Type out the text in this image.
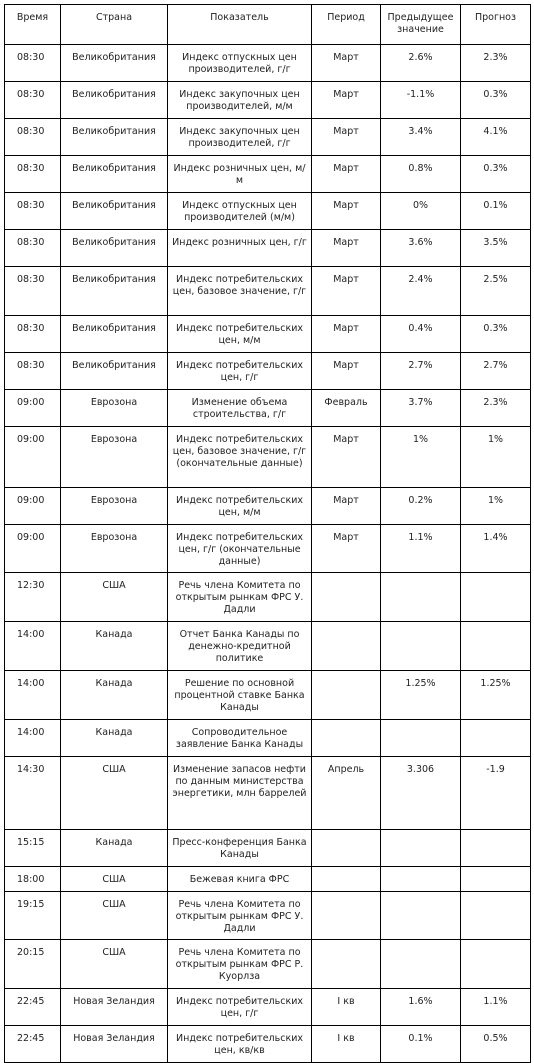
Время	Страна	Показатель	Период	Предыдущее значение	Прогноз
08:30	Великобритания	Индекс отпускных цен производителей, г/г	Март	2.6%	2.3%
08:30	Великобритания	Индекс закупочных цен производителей, м/м	Март	-1.1%	0.3%
08:30	Великобритания	Индекс закупочных цен производителей, г/г	Март	3.4%	4.1%
08:30	Великобритания	Индекс розничных цен, м/м	Март	0.8%	0.3%
08:30	Великобритания	Индекс отпускных цен производителей (м/м)	Март	0%	0.1%
08:30	Великобритания	Индекс розничных цен, г/г	Март	3.6%	3.5%
08:30	Великобритания	Индекс потребительских цен, базовое значение, г/г	Март	2.4%	2.5%
08:30	Великобритания	Индекс потребительских цен, м/м	Март	0.4%	0.3%
08:30	Великобритания	Индекс потребительских цен, г/г	Март	2.7%	2.7%
09:00	Еврозона	Изменение объема строительства, г/г	Февраль	3.7%	2.3%
09:00	Еврозона	Индекс потребительских цен, базовое значение, г/г (окончательные данные)	Март	1%	1%
09:00	Еврозона	Индекс потребительских цен, м/м	Март	0.2%	1%
09:00	Еврозона	Индекс потребительских цен, г/г (окончательные данные)	Март	1.1%	1.4%
12:30	США	Речь члена Комитета по открытым рынкам ФРС У. Дадли			
14:00	Канада	Отчет Банка Канады по денежно-кредитной политике			
14:00	Канада	Решение по основной процентной ставке Банка Канады		1.25%	1.25%
14:00	Канада	Сопроводительное заявление Банка Канады			
14:30	США	Изменение запасов нефти по данным министерства энергетики, млн баррелей	Апрель	3.306	-1.9
15:15	Канада	Пресс-конференция Банка Канады			
18:00	США	Бежевая книга ФРС			
19:15	США	Речь члена Комитета по открытым рынкам ФРС У. Дадли			
20:15	США	Речь члена Комитета по открытым рынкам ФРС Р. Куорлза			
22:45	Новая Зеландия	Индекс потребительских цен, г/г	I кв	1.6%	1.1%
22:45	Новая Зеландия	Индекс потребительских цен, кв/кв	I кв	0.1%	0.5%
